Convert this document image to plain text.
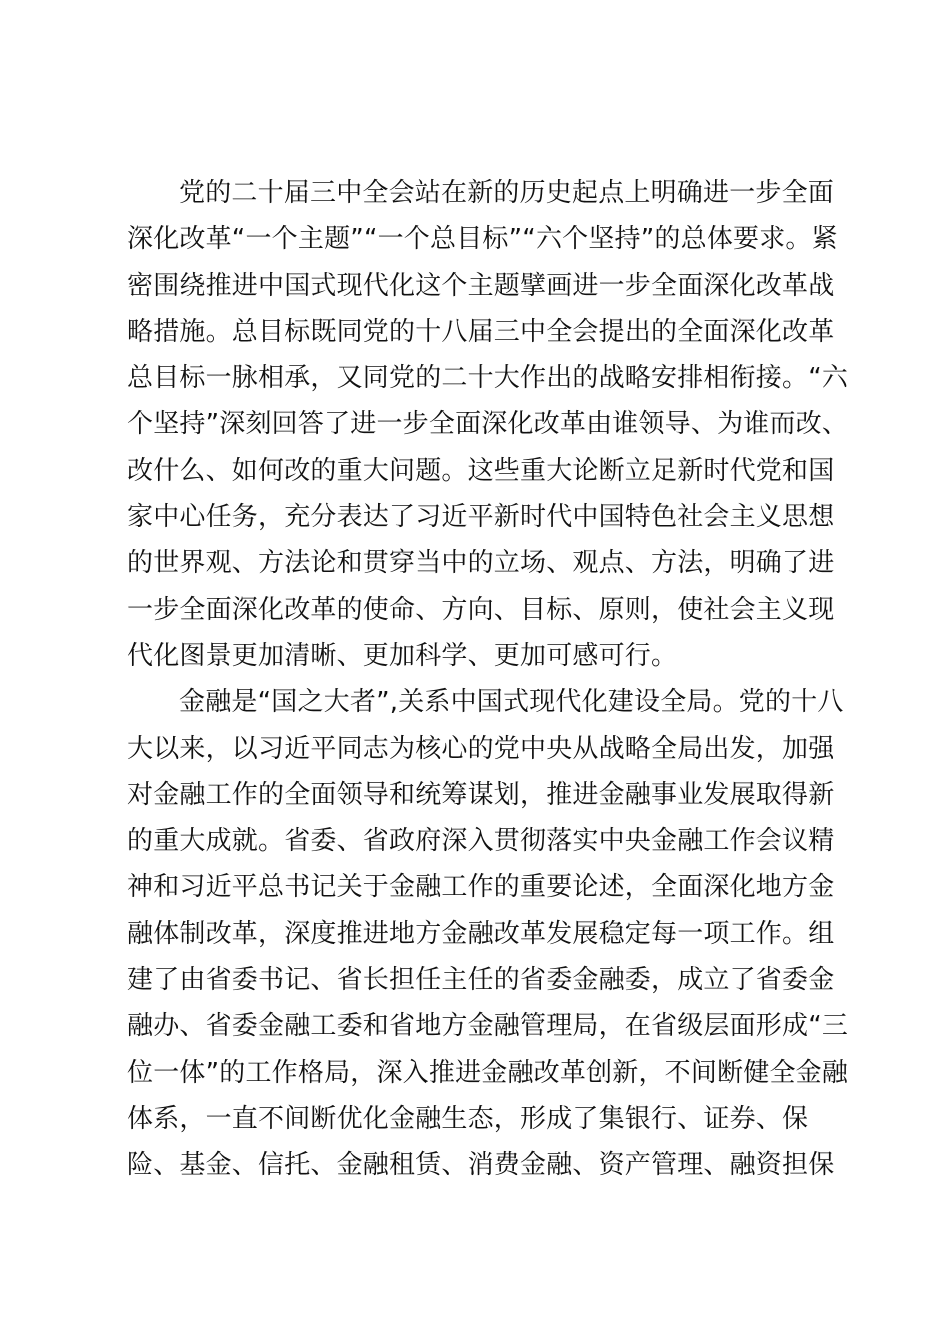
党的二十届三中全会站在新的历史起点上明确进一步全面
深化改革“一个主题”“一个总目标”“六个坚持”的总体要求。紧
密围绕推进中国式现代化这个主题擘画进一步全面深化改革战
略措施。总目标既同党的十八届三中全会提出的全面深化改革
总目标一脉相承，又同党的二十大作出的战略安排相衔接。“六
个坚持”深刻回答了进一步全面深化改革由谁领导、为谁而改、
改什么、如何改的重大问题。这些重大论断立足新时代党和国
家中心任务，充分表达了习近平新时代中国特色社会主义思想
的世界观、方法论和贯穿当中的立场、观点、方法，明确了进
一步全面深化改革的使命、方向、目标、原则，使社会主义现
代化图景更加清晰、更加科学、更加可感可行。
金融是“国之大者”,关系中国式现代化建设全局。党的十八
大以来，以习近平同志为核心的党中央从战略全局出发，加强
对金融工作的全面领导和统筹谋划，推进金融事业发展取得新
的重大成就。省委、省政府深入贯彻落实中央金融工作会议精
神和习近平总书记关于金融工作的重要论述，全面深化地方金
融体制改革，深度推进地方金融改革发展稳定每一项工作。组
建了由省委书记、省长担任主任的省委金融委，成立了省委金
融办、省委金融工委和省地方金融管理局，在省级层面形成“三
位一体”的工作格局，深入推进金融改革创新，不间断健全金融
体系，一直不间断优化金融生态，形成了集银行、证券、保
险、基金、信托、金融租赁、消费金融、资产管理、融资担保
